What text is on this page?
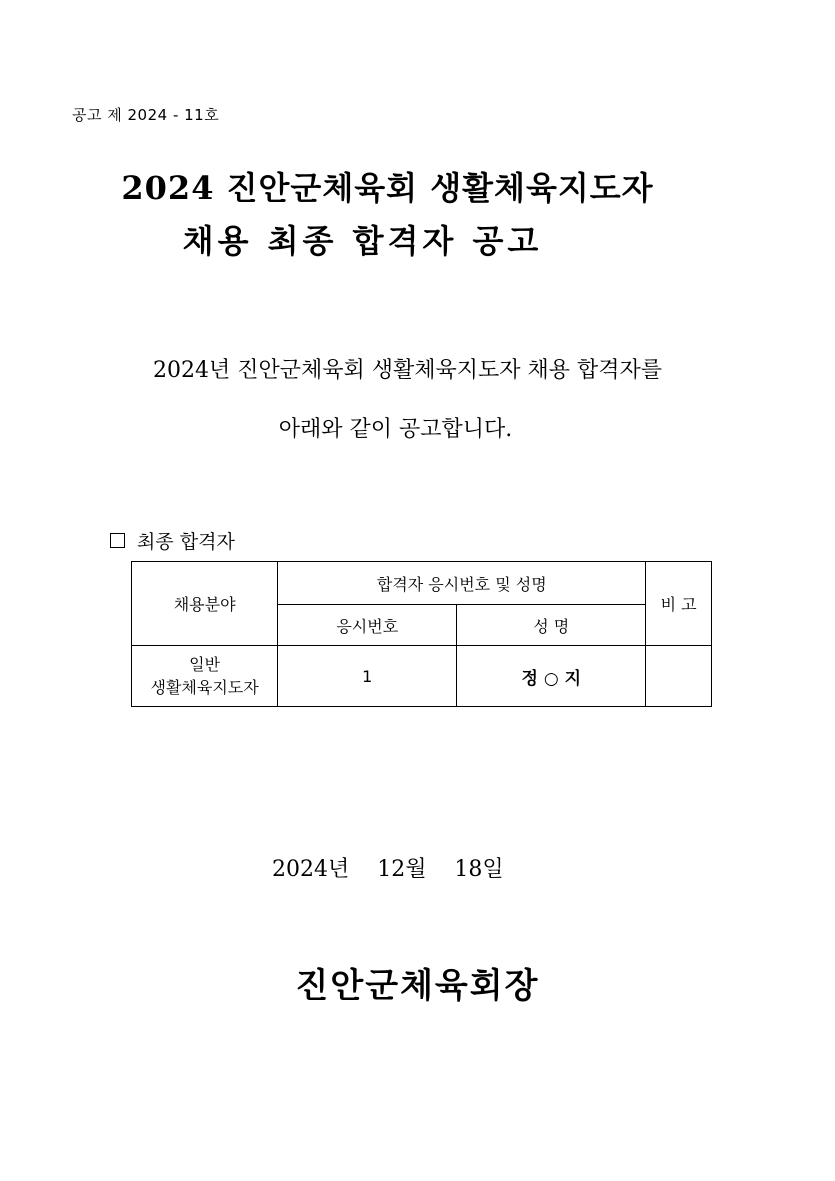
공고 제 2024 - 11호
2024 진안군체육회 생활체육지도자
채용 최종 합격자 공고
2024년 진안군체육회 생활체육지도자 채용 합격자를
아래와 같이 공고합니다.
최종 합격자
채용분야	합격자 응시번호 및 성명		비 고
	응시번호	성 명	

일반
생활체육지도자	1	정 ○ 지	
2024년    12월    18일
진안군체육회장
